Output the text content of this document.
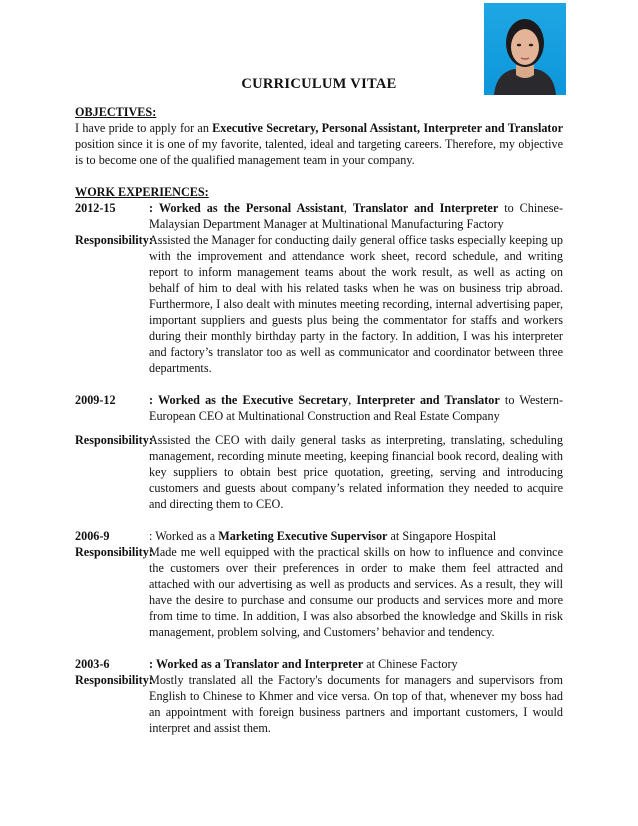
CURRICULUM VITAE
OBJECTIVES:
I have pride to apply for an Executive Secretary, Personal Assistant, Interpreter and Translator position since it is one of my favorite, talented, ideal and targeting careers. Therefore, my objective is to become one of the qualified management team in your company.
WORK EXPERIENCES:
2012-15	: Worked as the Personal Assistant, Translator and Interpreter to Chinese-Malaysian Department Manager at Multinational Manufacturing Factory
Responsibility:
Assisted the Manager for conducting daily general office tasks especially keeping up with the improvement and attendance work sheet, record schedule, and writing report to inform management teams about the work result, as well as acting on behalf of him to deal with his related tasks when he was on business trip abroad. Furthermore, I also dealt with minutes meeting recording, internal advertising paper, important suppliers and guests plus being the commentator for staffs and workers during their monthly birthday party in the factory. In addition, I was his interpreter and factory’s translator too as well as communicator and coordinator between three departments.
2009-12	: Worked as the Executive Secretary, Interpreter and Translator to Western-European CEO at Multinational Construction and Real Estate Company
Responsibility:
Assisted the CEO with daily general tasks as interpreting, translating, scheduling management, recording minute meeting, keeping financial book record, dealing with key suppliers to obtain best price quotation, greeting, serving and introducing customers and guests about company’s related information they needed to acquire and directing them to CEO.
2006-9	: Worked as a Marketing Executive Supervisor at Singapore Hospital
Responsibility:
Made me well equipped with the practical skills on how to influence and convince the customers over their preferences in order to make them feel attracted and attached with our advertising as well as products and services. As a result, they will have the desire to purchase and consume our products and services more and more from time to time. In addition, I was also absorbed the knowledge and Skills in risk management, problem solving, and Customers’ behavior and tendency.
2003-6	: Worked as a Translator and Interpreter at Chinese Factory
Responsibility:
Mostly translated all the Factory's documents for managers and supervisors from English to Chinese to Khmer and vice versa. On top of that, whenever my boss had an appointment with foreign business partners and important customers, I would interpret and assist them.
